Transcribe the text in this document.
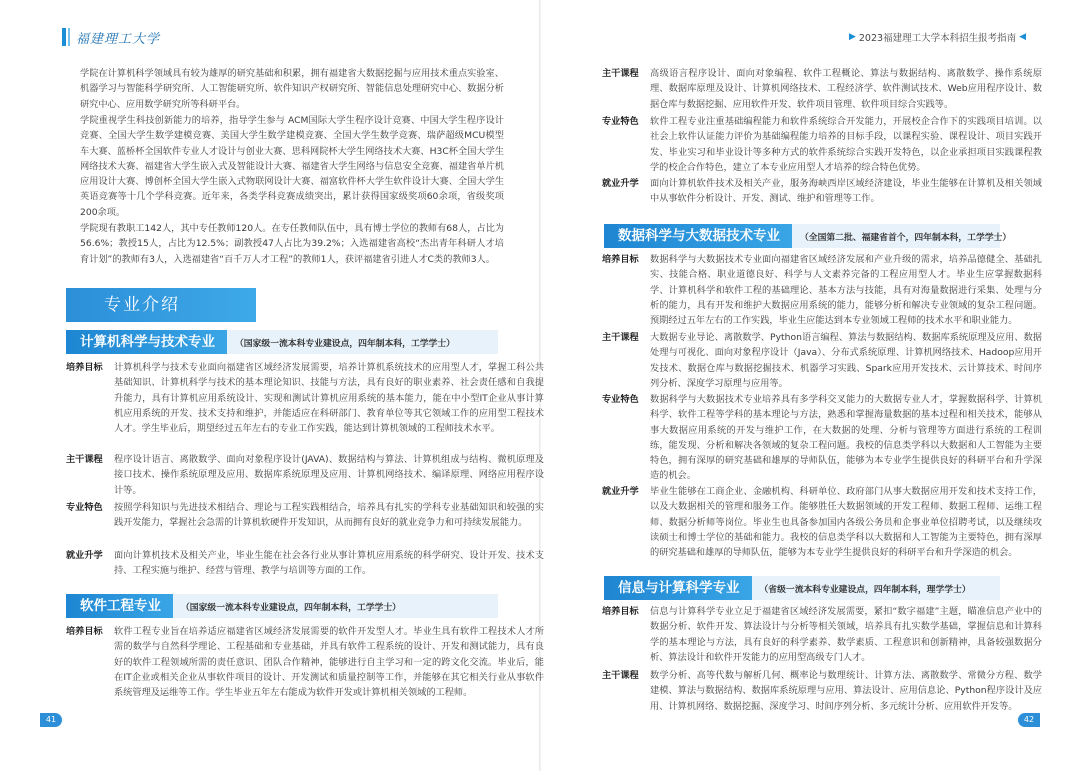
福建理工大学

学院在计算机科学领域具有较为雄厚的研究基础和积累，拥有福建省大数据挖掘与应用技术重点实验室、机器学习与智能科学研究所、人工智能研究所、软件知识产权研究所、智能信息处理研究中心、数据分析研究中心、应用数学研究所等科研平台。

学院重视学生科技创新能力的培养，指导学生参与 ACM国际大学生程序设计竞赛、中国大学生程序设计竞赛、全国大学生数学建模竞赛、美国大学生数学建模竞赛、全国大学生数学竞赛、瑞萨超级MCU模型车大赛、蓝桥杯全国软件专业人才设计与创业大赛、思科网院杯大学生网络技术大赛、H3C杯全国大学生网络技术大赛、福建省大学生嵌入式及智能设计大赛、福建省大学生网络与信息安全竞赛、福建省单片机应用设计大赛、博创杯全国大学生嵌入式物联网设计大赛、福富软件杯大学生软件设计大赛、全国大学生英语竞赛等十几个学科竞赛。近年来，各类学科竞赛成绩突出，累计获得国家级奖项60余项，省级奖项200余项。

学院现有教职工142人，其中专任教师120人。在专任教师队伍中，具有博士学位的教师有68人，占比为56.6%；教授15人，占比为12.5%；副教授47人占比为39.2%；入选福建省高校“杰出青年科研人才培育计划”的教师有3人，入选福建省“百千万人才工程”的教师1人，获评福建省引进人才C类的教师3人。

专业介绍
计算机科学与技术专业	（国家级一流本科专业建设点，四年制本科，工学学士）
培养目标	计算机科学与技术专业面向福建省区域经济发展需要，培养计算机系统技术的应用型人才，掌握工科公共基础知识、计算机科学与技术的基本理论知识、技能与方法，具有良好的职业素养、社会责任感和自我提升能力，具有计算机应用系统设计、实现和测试计算机应用系统的基本能力，能在中小型IT企业从事计算机应用系统的开发、技术支持和维护，并能适应在科研部门、教育单位等其它领域工作的应用型工程技术人才。学生毕业后，期望经过五年左右的专业工作实践，能达到计算机领域的工程师技术水平。
主干课程	程序设计语言、离散数学、面向对象程序设计(JAVA)、数据结构与算法、计算机组成与结构、微机原理及接口技术、操作系统原理及应用、数据库系统原理及应用、计算机网络技术、编译原理、网络应用程序设计等。
专业特色	按照学科知识与先进技术相结合、理论与工程实践相结合，培养具有扎实的学科专业基础知识和较强的实践开发能力，掌握社会急需的计算机软硬件开发知识，从而拥有良好的就业竞争力和可持续发展能力。
就业升学	面向计算机技术及相关产业，毕业生能在社会各行业从事计算机应用系统的科学研究、设计开发、技术支持、工程实施与维护、经营与管理、教学与培训等方面的工作。
软件工程专业	（国家级一流本科专业建设点，四年制本科，工学学士）
培养目标	软件工程专业旨在培养适应福建省区域经济发展需要的软件开发型人才。毕业生具有软件工程技术人才所需的数学与自然科学理论、工程基础和专业基础，并具有软件工程系统的设计、开发和测试能力，具有良好的软件工程领域所需的责任意识、团队合作精神，能够进行自主学习和一定的跨文化交流。毕业后，能在IT企业或相关企业从事软件项目的设计、开发测试和质量控制等工作，并能够在其它相关行业从事软件系统管理及运维等工作。学生毕业五年左右能成为软件开发或计算机相关领域的工程师。
41
▶ 2023福建理工大学本科招生报考指南 ◀
主干课程	高级语言程序设计、面向对象编程、软件工程概论、算法与数据结构、离散数学、操作系统原理、数据库原理及设计、计算机网络技术、工程经济学、软件测试技术、Web应用程序设计、数据仓库与数据挖掘、应用软件开发、软件项目管理、软件项目综合实践等。
专业特色	软件工程专业注重基础编程能力和软件系统综合开发能力，开展校企合作下的实践项目培训。以社会上软件认证能力评价为基础编程能力培养的目标手段，以课程实验、课程设计、项目实践开发、毕业实习和毕业设计等多种方式的软件系统综合实践开发特色，以企业承担项目实践课程教学的校企合作特色，建立了本专业应用型人才培养的综合特色优势。
就业升学	面向计算机软件技术及相关产业，服务海峡西岸区域经济建设，毕业生能够在计算机及相关领域中从事软件分析设计、开发、测试、维护和管理等工作。
数据科学与大数据技术专业	（全国第二批、福建省首个，四年制本科，工学学士）
培养目标	数据科学与大数据技术专业面向福建省区域经济发展和产业升级的需求，培养品德健全、基础扎实、技能合格、职业道德良好、科学与人文素养完备的工程应用型人才。毕业生应掌握数据科学、计算机科学和软件工程的基础理论、基本方法与技能，具有对海量数据进行采集、处理与分析的能力，具有开发和维护大数据应用系统的能力，能够分析和解决专业领域的复杂工程问题。预期经过五年左右的工作实践，毕业生应能达到本专业领域工程师的技术水平和职业能力。
主干课程	大数据专业导论、离散数学、Python语言编程、算法与数据结构、数据库系统原理及应用、数据处理与可视化、面向对象程序设计（Java）、分布式系统原理、计算机网络技术、Hadoop应用开发技术、数据仓库与数据挖掘技术、机器学习实践、Spark应用开发技术、云计算技术、时间序列分析、深度学习原理与应用等。
专业特色	数据科学与大数据技术专业培养具有多学科交叉能力的大数据专业人才，掌握数据科学、计算机科学、软件工程等学科的基本理论与方法，熟悉和掌握海量数据的基本过程和相关技术，能够从事大数据应用系统的开发与维护工作，在大数据的处理、分析与管理等方面进行系统的工程训练，能发现、分析和解决各领域的复杂工程问题。我校的信息类学科以大数据和人工智能为主要特色，拥有深厚的研究基础和雄厚的导师队伍，能够为本专业学生提供良好的科研平台和升学深造的机会。
就业升学	毕业生能够在工商企业、金融机构、科研单位、政府部门从事大数据应用开发和技术支持工作，以及大数据相关的管理和服务工作。能够胜任大数据领域的开发工程师、数据工程师、运维工程师、数据分析师等岗位。毕业生也具备参加国内各级公务员和企事业单位招聘考试，以及继续攻读硕士和博士学位的基础和能力。我校的信息类学科以大数据和人工智能为主要特色，拥有深厚的研究基础和雄厚的导师队伍，能够为本专业学生提供良好的科研平台和升学深造的机会。
信息与计算科学专业	（省级一流本科专业建设点，四年制本科，理学学士）
培养目标	信息与计算科学专业立足于福建省区域经济发展需要，紧扣“数字福建”主题，瞄准信息产业中的数据分析、软件开发、算法设计与分析等相关领域，培养具有扎实数学基础，掌握信息和计算科学的基本理论与方法，具有良好的科学素养、数学素质、工程意识和创新精神，具备较强数据分析、算法设计和软件开发能力的应用型高级专门人才。
主干课程	数学分析、高等代数与解析几何、概率论与数理统计、计算方法、离散数学、常微分方程、数学建模、算法与数据结构、数据库系统原理与应用、算法设计、应用信息论、Python程序设计及应用、计算机网络、数据挖掘、深度学习、时间序列分析、多元统计分析、应用软件开发等。
42
